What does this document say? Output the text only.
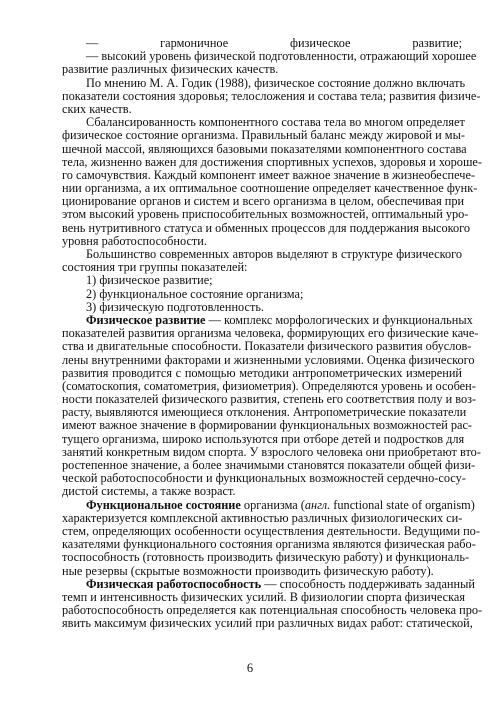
— гармоничное физическое развитие;
— высокий уровень физической подготовленности, отражающий хорошее
развитие различных физических качеств.
По мнению М. А. Годик (1988), физическое состояние должно включать
показатели состояния здоровья; телосложения и состава тела; развития физиче-
ских качеств.
Сбалансированность компонентного состава тела во многом определяет
физическое состояние организма. Правильный баланс между жировой и мы-
шечной массой, являющихся базовыми показателями компонентного состава
тела, жизненно важен для достижения спортивных успехов, здоровья и хороше-
го самочувствия. Каждый компонент имеет важное значение в жизнеобеспече-
нии организма, а их оптимальное соотношение определяет качественное функ-
ционирование органов и систем и всего организма в целом, обеспечивая при
этом высокий уровень приспособительных возможностей, оптимальный уро-
вень нутритивного статуса и обменных процессов для поддержания высокого
уровня работоспособности.
Большинство современных авторов выделяют в структуре физического
состояния три группы показателей:
1) физическое развитие;
2) функциональное состояние организма;
3) физическую подготовленность.
Физическое развитие — комплекс морфологических и функциональных
показателей развития организма человека, формирующих его физические каче-
ства и двигательные способности. Показатели физического развития обуслов-
лены внутренними факторами и жизненными условиями. Оценка физического
развития проводится с помощью методики антропометрических измерений
(соматоскопия, соматометрия, физиометрия). Определяются уровень и особен-
ности показателей физического развития, степень его соответствия полу и воз-
расту, выявляются имеющиеся отклонения. Антропометрические показатели
имеют важное значение в формировании функциональных возможностей рас-
тущего организма, широко используются при отборе детей и подростков для
занятий конкретным видом спорта. У взрослого человека они приобретают вто-
ростепенное значение, а более значимыми становятся показатели общей физи-
ческой работоспособности и функциональных возможностей сердечно-сосу-
дистой системы, а также возраст.
Функциональное состояние организма (англ. functional state of organism)
характеризуется комплексной активностью различных физиологических си-
стем, определяющих особенности осуществления деятельности. Ведущими по-
казателями функционального состояния организма являются физическая рабо-
тоспособность (готовность производить физическую работу) и функциональ-
ные резервы (скрытые возможности производить физическую работу).
Физическая работоспособность — способность поддерживать заданный
темп и интенсивность физических усилий. В физиологии спорта физическая
работоспособность определяется как потенциальная способность человека про-
явить максимум физических усилий при различных видах работ: статической,
6
